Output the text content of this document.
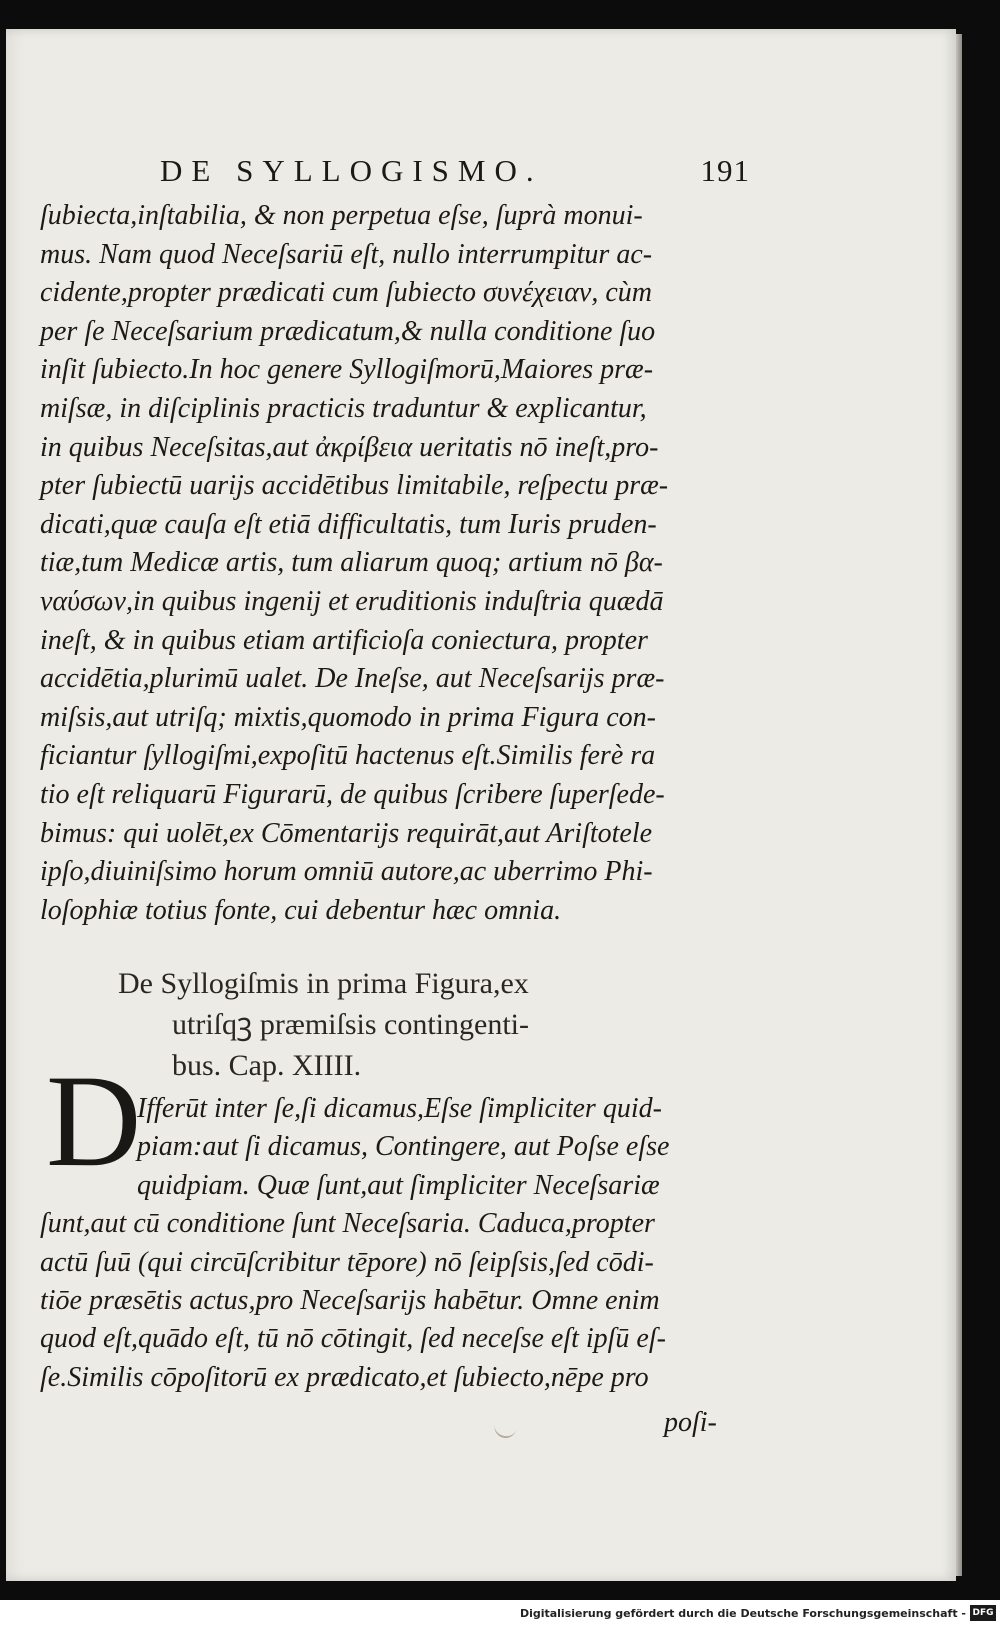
DE SYLLOGISMO.	191
ſubiecta,inſtabilia, & non perpetua eſse, ſuprà monui-
mus. Nam quod Neceſsariū eſt, nullo interrumpitur ac-
cidente,propter prædicati cum ſubiecto συνέχειαν, cùm
per ſe Neceſsarium prædicatum,& nulla conditione ſuo
inſit ſubiecto.In hoc genere Syllogiſmorū,Maiores præ-
miſsæ, in diſciplinis practicis traduntur & explicantur,
in quibus Neceſsitas,aut ἀκρίβεια ueritatis nō ineſt,pro-
pter ſubiectū uarijs accidētibus limitabile, reſpectu præ-
dicati,quæ cauſa eſt etiā difficultatis, tum Iuris pruden-
tiæ,tum Medicæ artis, tum aliarum quoq; artium nō βα-
ναύσων,in quibus ingenij et eruditionis induſtria quædā
ineſt, & in quibus etiam artificioſa coniectura, propter
accidētia,plurimū ualet. De Ineſse, aut Neceſsarijs præ-
miſsis,aut utriſq; mixtis,quomodo in prima Figura con-
ficiantur ſyllogiſmi,expoſitū hactenus eſt.Similis ferè ra
tio eſt reliquarū Figurarū, de quibus ſcribere ſuperſede-
bimus: qui uolēt,ex Cōmentarijs requirāt,aut Ariſtotele
ipſo,diuiniſsimo horum omniū autore,ac uberrimo Phi-
loſophiæ totius fonte, cui debentur hæc omnia.
De Syllogiſmis in prima Figura,ex
utriſqꝫ præmiſsis contingenti-
bus. Cap. XIIII.
D
Ifferūt inter ſe,ſi dicamus,Eſse ſimpliciter quid-
piam:aut ſi dicamus, Contingere, aut Poſse eſse
quidpiam. Quæ ſunt,aut ſimpliciter Neceſsariæ
ſunt,aut cū conditione ſunt Neceſsaria. Caduca,propter
actū ſuū (qui circūſcribitur tēpore) nō ſeipſsis,ſed cōdi-
tiōe præsētis actus,pro Neceſsarijs habētur. Omne enim
quod eſt,quādo eſt, tū nō cōtingit, ſed neceſse eſt ipſū eſ-
ſe.Similis cōpoſitorū ex prædicato,et ſubiecto,nēpe pro
poſi-
Digitalisierung gefördert durch die Deutsche Forschungsgemeinschaft - DFG
